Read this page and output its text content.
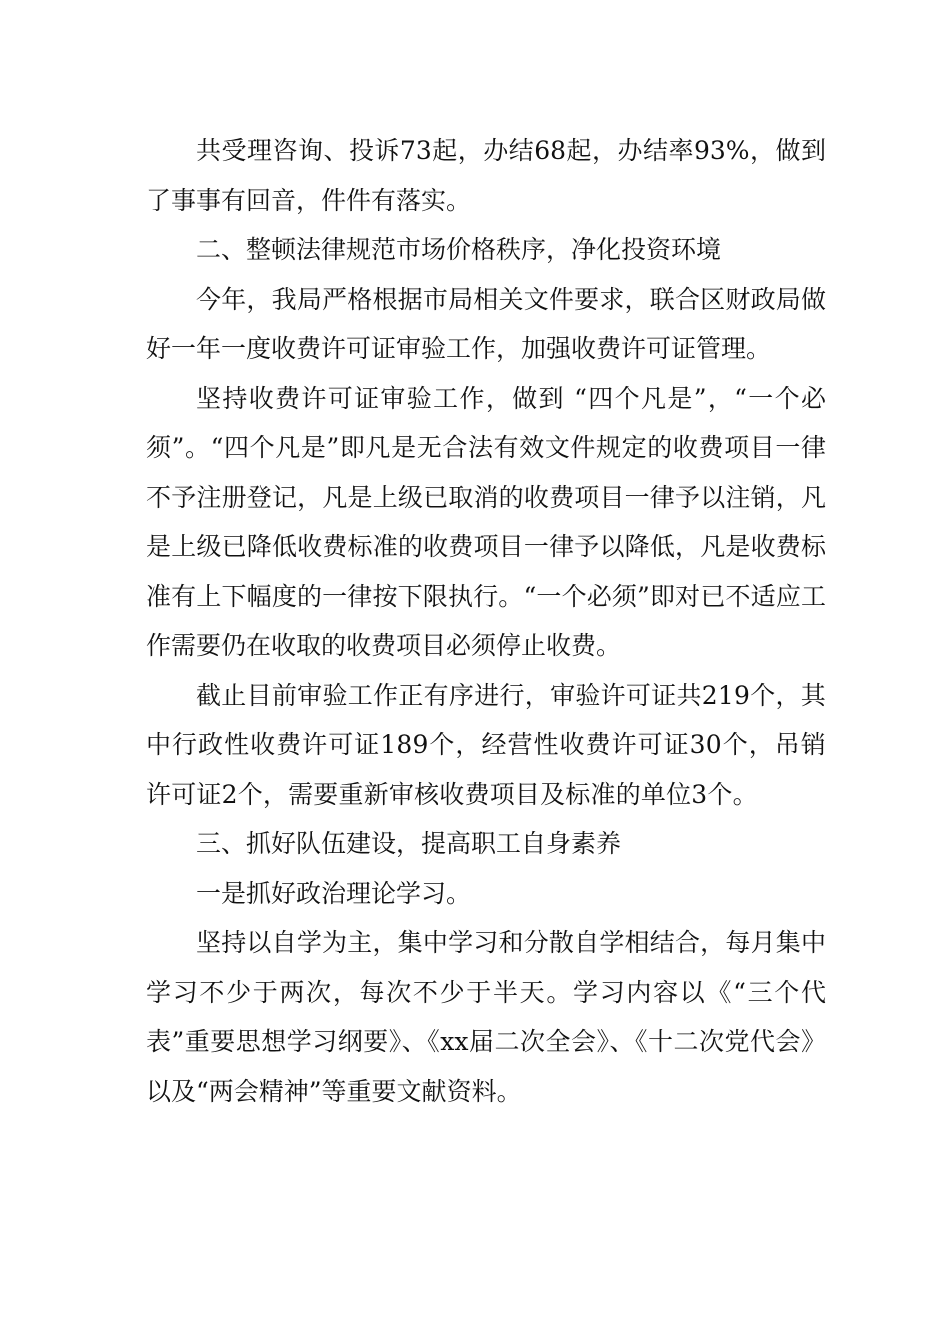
共受理咨询、投诉73起，办结68起，办结率93%，做到了事事有回音，件件有落实。

二、整顿法律规范市场价格秩序，净化投资环境

今年，我局严格根据市局相关文件要求，联合区财政局做好一年一度收费许可证审验工作，加强收费许可证管理。

坚持收费许可证审验工作，做到 “四个凡是”，“一个必须”。“四个凡是”即凡是无合法有效文件规定的收费项目一律不予注册登记，凡是上级已取消的收费项目一律予以注销，凡是上级已降低收费标准的收费项目一律予以降低，凡是收费标准有上下幅度的一律按下限执行。“一个必须”即对已不适应工作需要仍在收取的收费项目必须停止收费。

截止目前审验工作正有序进行，审验许可证共219个，其中行政性收费许可证189个，经营性收费许可证30个，吊销许可证2个，需要重新审核收费项目及标准的单位3个。

三、抓好队伍建设，提高职工自身素养

一是抓好政治理论学习。

坚持以自学为主，集中学习和分散自学相结合，每月集中学习不少于两次，每次不少于半天。学习内容以《“三个代表”重要思想学习纲要》、《xx届二次全会》、《十二次党代会》以及“两会精神”等重要文献资料。
